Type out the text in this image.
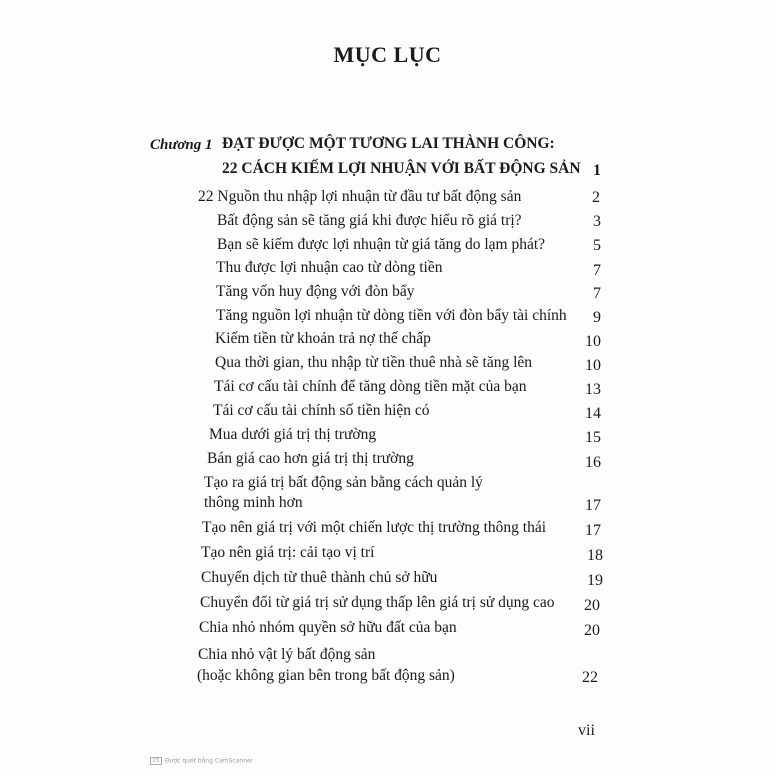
MỤC LỤC
Chương 1 ĐẠT ĐƯỢC MỘT TƯƠNG LAI THÀNH CÔNG:
22 CÁCH KIẾM LỢI NHUẬN VỚI BẤT ĐỘNG SẢN 1
22 Nguồn thu nhập lợi nhuận từ đầu tư bất động sản	2
Bất động sản sẽ tăng giá khi được hiểu rõ giá trị?	3
Bạn sẽ kiếm được lợi nhuận từ giá tăng do lạm phát?	5
Thu được lợi nhuận cao từ dòng tiền	7
Tăng vốn huy động với đòn bẩy	7
Tăng nguồn lợi nhuận từ dòng tiền với đòn bẩy tài chính	9
Kiếm tiền từ khoản trả nợ thế chấp	10
Qua thời gian, thu nhập từ tiền thuê nhà sẽ tăng lên	10
Tái cơ cấu tài chính để tăng dòng tiền mặt của bạn	13
Tái cơ cấu tài chính số tiền hiện có	14
Mua dưới giá trị thị trường	15
Bán giá cao hơn giá trị thị trường	16
Tạo ra giá trị bất động sản bằng cách quản lý
thông minh hơn	17
Tạo nên giá trị với một chiến lược thị trường thông thái	17
Tạo nên giá trị: cải tạo vị trí	18
Chuyển dịch từ thuê thành chủ sở hữu	19
Chuyển đổi từ giá trị sử dụng thấp lên giá trị sử dụng cao	20
Chia nhỏ nhóm quyền sở hữu đất của bạn	20
Chia nhỏ vật lý bất động sản
(hoặc không gian bên trong bất động sản)	22
vii
CS Được quét bằng CamScanner
